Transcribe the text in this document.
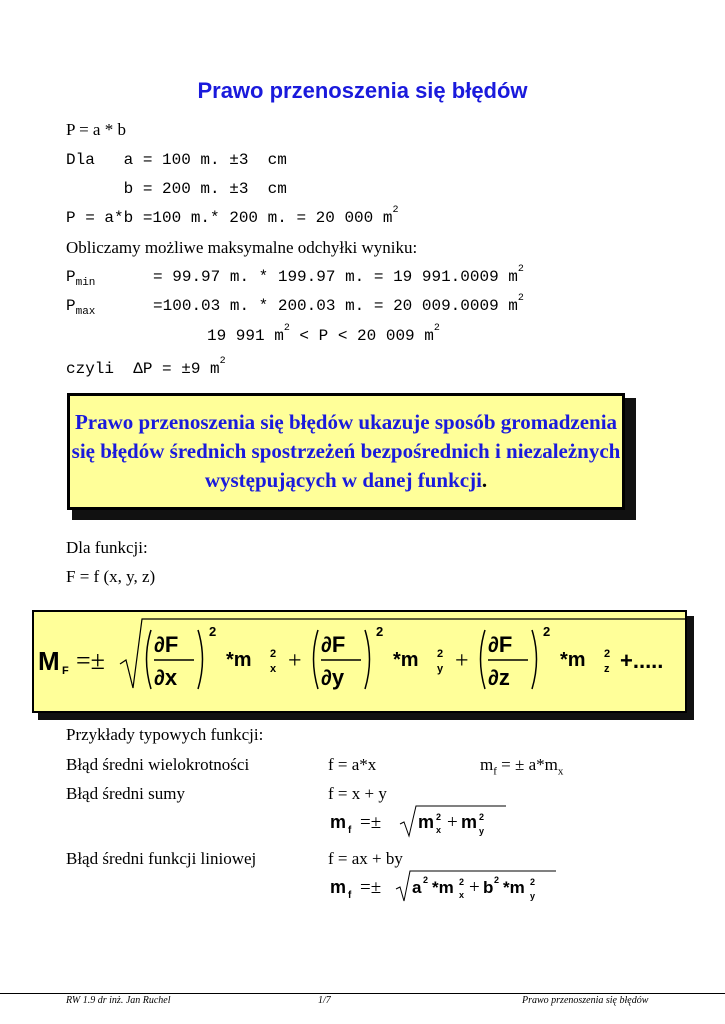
Prawo przenoszenia się błędów
P = a * b
Dla   a = 100 m. ±3  cm
b = 200 m. ±3  cm
P = a*b =100 m.* 200 m. = 20 000 $m^2$
Obliczamy możliwe maksymalne odchyłki wyniku:
$P_{min}$      = 99.97 m. * 199.97 m. = 19 991.0009 $m^2$
$P_{max}$      =100.03 m. * 200.03 m. = 20 009.0009 $m^2$
19 991 $m^2 < P < 20$ 009 $m^2$
czyli  ΔP = ±9 $m^2$
Prawo przenoszenia się błędów ukazuje sposób gromadzenia się błędów średnich spostrzeżeń bezpośrednich i niezależnych występujących w danej funkcji.
Dla funkcji:
F = f (x, y, z)
M F =±
∂F
∂x
2
*m 2
x +
∂F
∂y
2
*m 2
y +
∂F
∂z
2
*m 2
z +.....
Przykłady typowych funkcji:
Błąd średni wielokrotności	f = a*x	$m_f$ = ± $a*m_x$
Błąd średni sumy	f = x + y
m f =± m 2
x + m 2
y
Błąd średni funkcji liniowej	f = ax + by
m f =± a 2 *m 2
x + b 2 *m 2
y
RW 1.9 dr inż. Jan Ruchel	1/7	Prawo przenoszenia się błędów
